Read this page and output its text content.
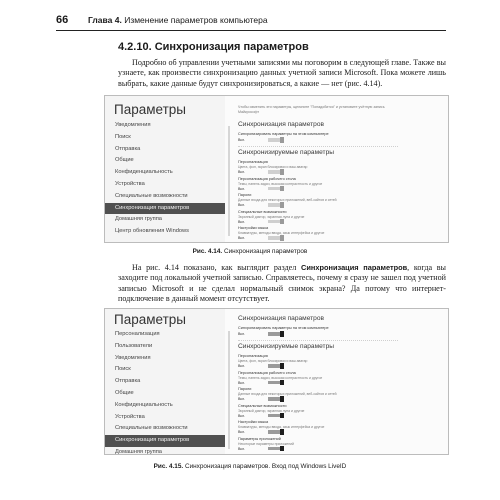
66 Глава 4. Изменение параметров компьютера
4.2.10. Синхронизация параметров

Подробно об управлении учетными записями мы поговорим в следующей главе. Также вы узнаете, как произвести синхронизацию данных учетной записи Microsoft. Пока можете лишь выбрать, какие данные будут синхронизироваться, а какие — нет (рис. 4.14).

Параметры
Уведомления
Поиск
Отправка
Общие
Конфиденциальность
Устройства
Специальные возможности
Синхронизация параметров
Домашняя группа
Центр обновления Windows
Чтобы изменить эти параметры, щелкните "Понадобится" и установите учётную запись Майкрософт
Синхронизация параметров
Синхронизировать параметры на этом компьютере
Вкл.
Синхронизируемые параметры
Персонализация
Цвета, фон, экран блокировки и ваш аватар
Вкл.
Персонализация рабочего стола
Темы, панель задач, высокая контрастность и другое
Вкл.
Пароли
Данные входа для некоторых приложений, веб-сайтов и сетей
Вкл.
Специальные возможности
Экранный диктор, экранная лупа и другие
Вкл.
Настройки языка
Клавиатуры, методы ввода, язык интерфейса и другое
Вкл.
Рис. 4.14. Синхронизация параметров

На рис. 4.14 показано, как выглядит раздел Синхронизация параметров, когда вы заходите под локальной учетной записью. Справляетесь, почему я сразу не зашел под учетной записью Microsoft и не сделал нормальный снимок экрана? Да потому что интернет-подключение в данный момент отсутствует.

Параметры
Персонализация
Пользователи
Уведомления
Поиск
Отправка
Общие
Конфиденциальность
Устройства
Специальные возможности
Синхронизация параметров
Домашняя группа
Синхронизация параметров
Синхронизировать параметры на этом компьютере
Вкл.
Синхронизируемые параметры
Персонализация
Цвета, фон, экран блокировки и ваш аватар
Вкл.
Персонализация рабочего стола
Темы, панель задач, высокая контрастность и другое
Вкл.
Пароли
Данные входа для некоторых приложений, веб-сайтов и сетей
Вкл.
Специальные возможности
Экранный диктор, экранная лупа и другие
Вкл.
Настройки языка
Клавиатуры, методы ввода, язык интерфейса и другое
Вкл.
Параметры приложений
Некоторые параметры приложений
Вкл.
Рис. 4.15. Синхронизация параметров. Вход под Windows LiveID
